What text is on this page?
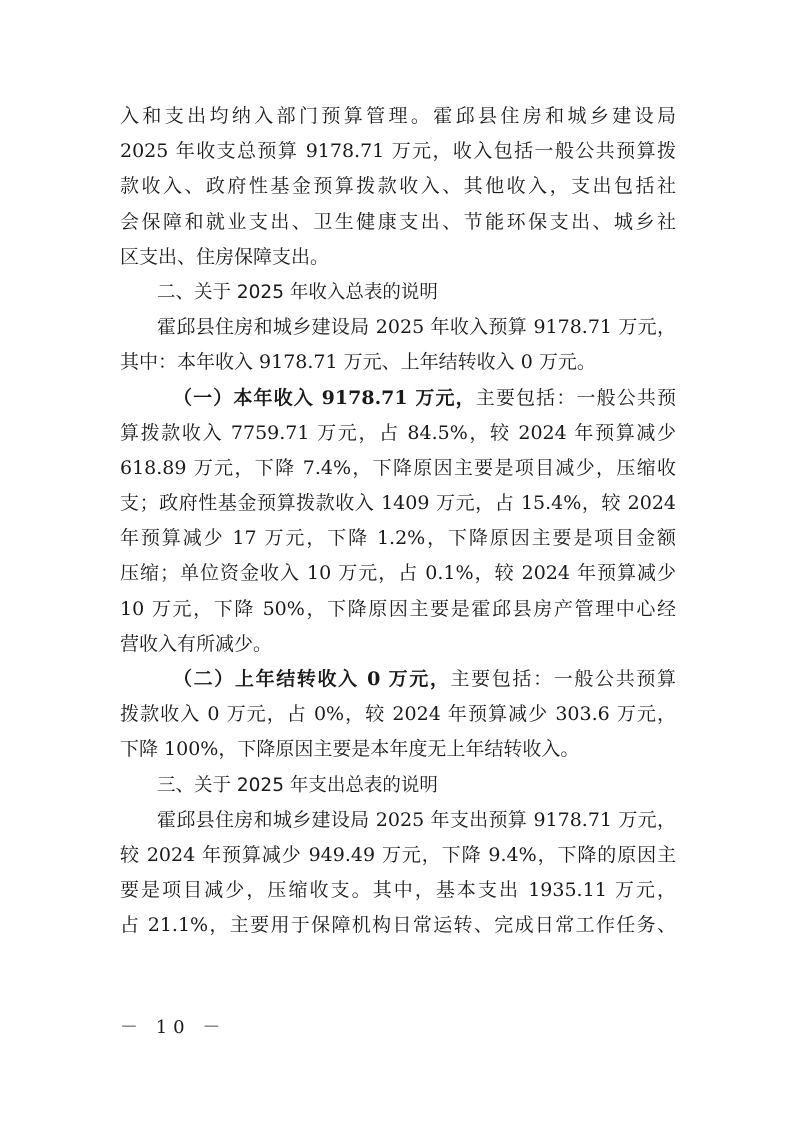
入和支出均纳入部门预算管理。霍邱县住房和城乡建设局
2025 年收支总预算 9178.71 万元，收入包括一般公共预算拨
款收入、政府性基金预算拨款收入、其他收入，支出包括社
会保障和就业支出、卫生健康支出、节能环保支出、城乡社
区支出、住房保障支出。
二、关于 2025 年收入总表的说明
霍邱县住房和城乡建设局 2025 年收入预算 9178.71 万元，
其中：本年收入 9178.71 万元、上年结转收入 0 万元。
（一）本年收入 9178.71 万元，主要包括：一般公共预
算拨款收入 7759.71 万元，占 84.5%，较 2024 年预算减少
618.89 万元，下降 7.4%，下降原因主要是项目减少，压缩收
支；政府性基金预算拨款收入 1409 万元，占 15.4%，较 2024
年预算减少 17 万元，下降 1.2%，下降原因主要是项目金额
压缩；单位资金收入 10 万元，占 0.1%，较 2024 年预算减少
10 万元，下降 50%，下降原因主要是霍邱县房产管理中心经
营收入有所减少。
（二）上年结转收入 0 万元，主要包括：一般公共预算
拨款收入 0 万元，占 0%，较 2024 年预算减少 303.6 万元，
下降 100%，下降原因主要是本年度无上年结转收入。
三、关于 2025 年支出总表的说明
霍邱县住房和城乡建设局 2025 年支出预算 9178.71 万元，
较 2024 年预算减少 949.49 万元，下降 9.4%，下降的原因主
要是项目减少，压缩收支。其中，基本支出 1935.11 万元，
占 21.1%，主要用于保障机构日常运转、完成日常工作任务、
－ 10 －
